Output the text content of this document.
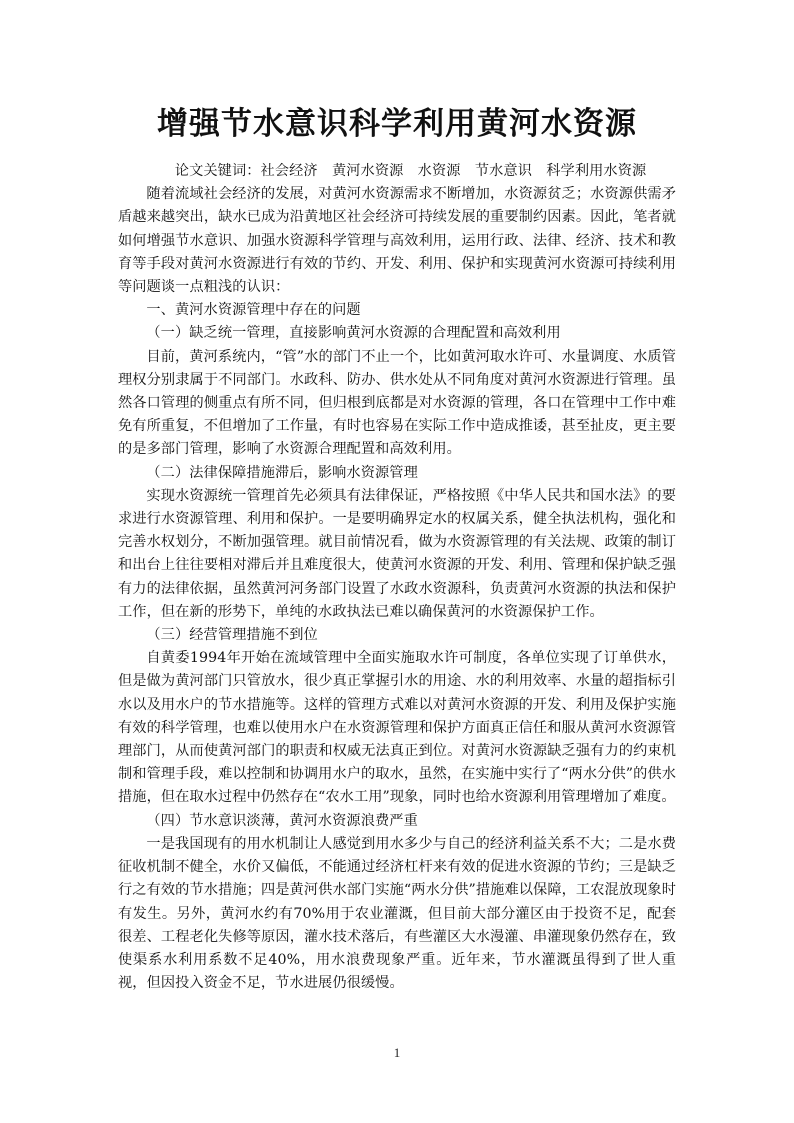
增强节水意识科学利用黄河水资源

论文关键词：社会经济　黄河水资源　水资源　节水意识　科学利用水资源

随着流域社会经济的发展，对黄河水资源需求不断增加，水资源贫乏；水资源供需矛盾越来越突出，缺水已成为沿黄地区社会经济可持续发展的重要制约因素。因此，笔者就如何增强节水意识、加强水资源科学管理与高效利用，运用行政、法律、经济、技术和教育等手段对黄河水资源进行有效的节约、开发、利用、保护和实现黄河水资源可持续利用等问题谈一点粗浅的认识：

一、黄河水资源管理中存在的问题

（一）缺乏统一管理，直接影响黄河水资源的合理配置和高效利用

目前，黄河系统内，“管”水的部门不止一个，比如黄河取水许可、水量调度、水质管理权分别隶属于不同部门。水政科、防办、供水处从不同角度对黄河水资源进行管理。虽然各口管理的侧重点有所不同，但归根到底都是对水资源的管理，各口在管理中工作中难免有所重复，不但增加了工作量，有时也容易在实际工作中造成推诿，甚至扯皮，更主要的是多部门管理，影响了水资源合理配置和高效利用。

（二）法律保障措施滞后，影响水资源管理

实现水资源统一管理首先必须具有法律保证，严格按照《中华人民共和国水法》的要求进行水资源管理、利用和保护。一是要明确界定水的权属关系，健全执法机构，强化和完善水权划分，不断加强管理。就目前情况看，做为水资源管理的有关法规、政策的制订和出台上往往要相对滞后并且难度很大，使黄河水资源的开发、利用、管理和保护缺乏强有力的法律依据，虽然黄河河务部门设置了水政水资源科，负责黄河水资源的执法和保护工作，但在新的形势下，单纯的水政执法已难以确保黄河的水资源保护工作。

（三）经营管理措施不到位

自黄委1994年开始在流域管理中全面实施取水许可制度，各单位实现了订单供水，但是做为黄河部门只管放水，很少真正掌握引水的用途、水的利用效率、水量的超指标引水以及用水户的节水措施等。这样的管理方式难以对黄河水资源的开发、利用及保护实施有效的科学管理，也难以使用水户在水资源管理和保护方面真正信任和服从黄河水资源管理部门，从而使黄河部门的职责和权威无法真正到位。对黄河水资源缺乏强有力的约束机制和管理手段，难以控制和协调用水户的取水，虽然，在实施中实行了“两水分供”的供水措施，但在取水过程中仍然存在“农水工用”现象，同时也给水资源利用管理增加了难度。

（四）节水意识淡薄，黄河水资源浪费严重

一是我国现有的用水机制让人感觉到用水多少与自己的经济利益关系不大；二是水费征收机制不健全，水价又偏低，不能通过经济杠杆来有效的促进水资源的节约；三是缺乏行之有效的节水措施；四是黄河供水部门实施“两水分供”措施难以保障，工农混放现象时有发生。另外，黄河水约有70%用于农业灌溉，但目前大部分灌区由于投资不足，配套很差、工程老化失修等原因，灌水技术落后，有些灌区大水漫灌、串灌现象仍然存在，致使渠系水利用系数不足40%，用水浪费现象严重。近年来，节水灌溉虽得到了世人重视，但因投入资金不足，节水进展仍很缓慢。

1
